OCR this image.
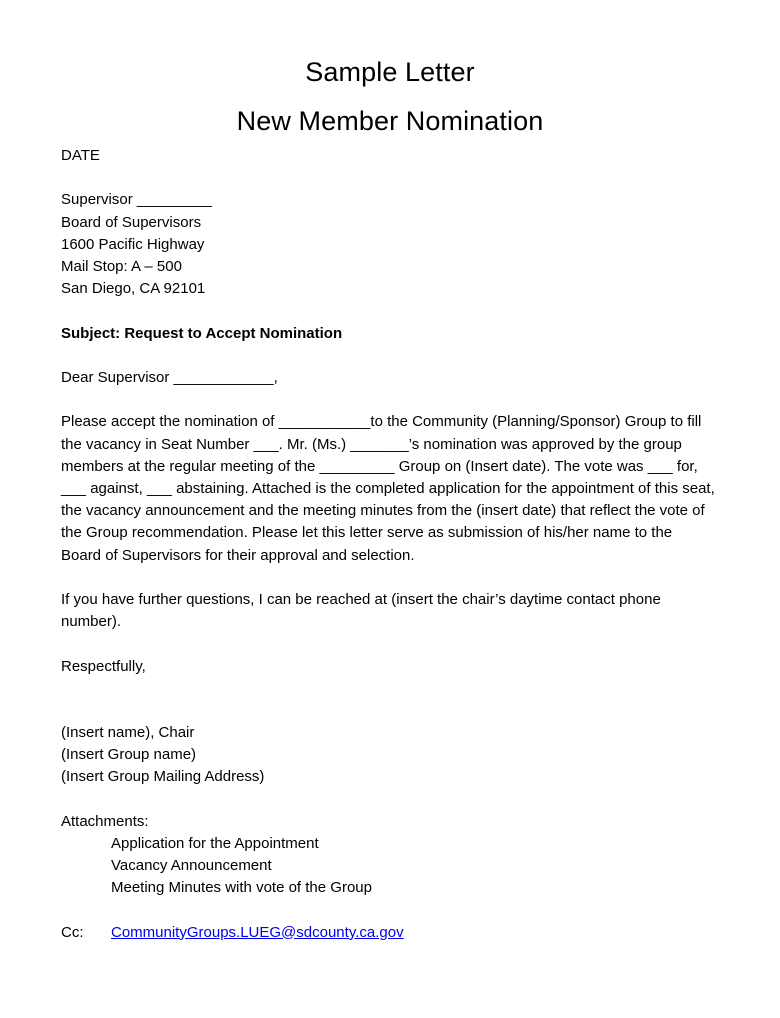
Sample Letter
New Member Nomination
DATE
Supervisor _________
Board of Supervisors
1600 Pacific Highway
Mail Stop: A – 500
San Diego, CA 92101
Subject: Request to Accept Nomination
Dear Supervisor ____________,

Please accept the nomination of ___________to the Community (Planning/Sponsor) Group to fill the vacancy in Seat Number ___. Mr. (Ms.) _______’s nomination was approved by the group members at the regular meeting of the _________ Group on (Insert date). The vote was ___ for, ___ against, ___ abstaining. Attached is the completed application for the appointment of this seat, the vacancy announcement and the meeting minutes from the (insert date) that reflect the vote of the Group recommendation. Please let this letter serve as submission of his/her name to the Board of Supervisors for their approval and selection.

If you have further questions, I can be reached at (insert the chair’s daytime contact phone number).

Respectfully,
(Insert name), Chair
(Insert Group name)
(Insert Group Mailing Address)
Attachments:
Application for the Appointment
Vacancy Announcement
Meeting Minutes with vote of the Group
Cc:	CommunityGroups.LUEG@sdcounty.ca.gov
